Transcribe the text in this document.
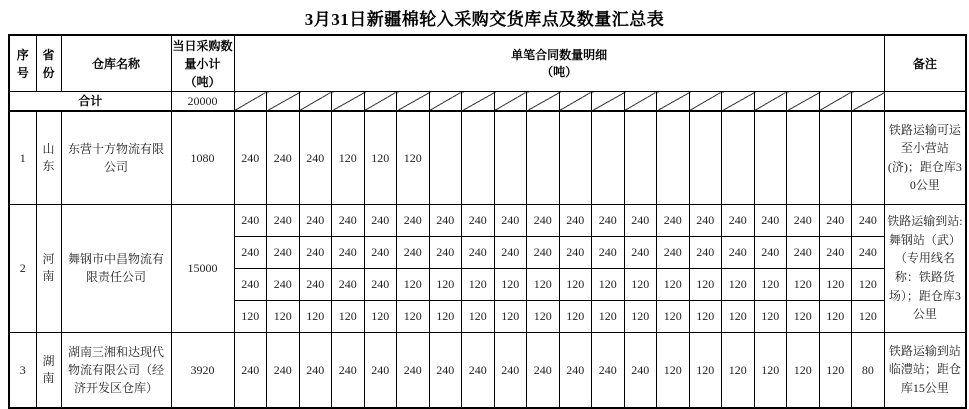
3月31日新疆棉轮入采购交货库点及数量汇总表
序号	省份	仓库名称	当日采购数量小计（吨）	单笔合同数量明细
（吨）																				备注
合计			20000																					
1	山东	东营十方物流有限公司	1080	240	240	240	120	120	120															铁路运输可运至小营站(济)；距仓库30公里
2	河南	舞钢市中昌物流有限责任公司	15000	240	240	240	240	240	240	240	240	240	240	240	240	240	240	240	240	240	240	240	240	铁路运输到站:舞钢站（武）（专用线名称：铁路货场）；距仓库3公里
				240	240	240	240	240	240	240	240	240	240	240	240	240	240	240	240	240	240	240	240	
				240	240	240	240	240	120	120	120	120	120	120	120	120	120	120	120	120	120	120	120	
				120	120	120	120	120	120	120	120	120	120	120	120	120	120	120	120	120	120	120	120	
3	湖南	湖南三湘和达现代物流有限公司（经济开发区仓库）	3920	240	240	240	240	240	240	240	240	240	240	240	240	240	120	120	120	120	120	120	80	铁路运输到站临澧站；距仓库15公里
